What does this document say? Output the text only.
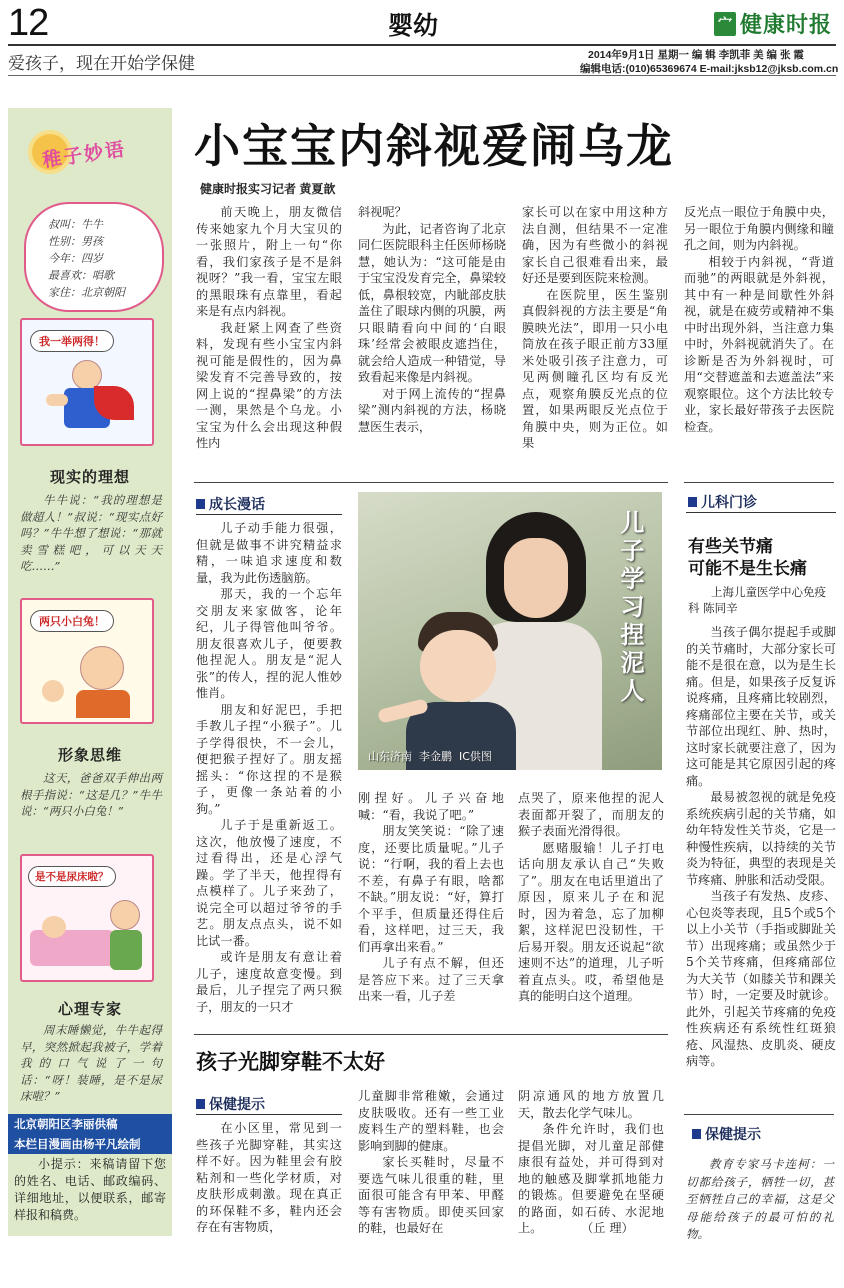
12	婴幼	宀 健康时报
爱孩子，现在开始学保健	2014年9月1日 星期一 编 辑 李凯菲 美 编 张 霞
编辑电话:(010)65369674 E-mail:jksb12@jksb.com.cn
稚子妙语
叔叫：牛牛
性别：男孩
今年：四岁
最喜欢：唱歌
家住：北京朝阳
我一举两得！
现实的理想
牛牛说：“我的理想是做超人！”叔说：“现实点好吗？”牛牛想了想说：“那就卖雪糕吧，可以天天吃……”
两只小白兔！
形象思维
这天，爸爸双手伸出两根手指说：“这是几？”牛牛说：“两只小白兔！”
是不是尿床啦？
心理专家
周末睡懒觉，牛牛起得早，突然掀起我被子，学着我的口气说了一句话：“呀！装睡，是不是尿床啦？”
北京朝阳区李丽供稿
本栏目漫画由杨平凡绘制
小提示：来稿请留下您的姓名、电话、邮政编码、详细地址，以便联系，邮寄样报和稿费。
小宝宝内斜视爱闹乌龙
健康时报实习记者 黄夏歆

前天晚上，朋友微信传来她家九个月大宝贝的一张照片，附上一句“你看，我们家孩子是不是斜视呀？”我一看，宝宝左眼的黑眼珠有点靠里，看起来是有点内斜视。

我赶紧上网查了些资料，发现有些小宝宝内斜视可能是假性的，因为鼻梁发育不完善导致的，按网上说的“捏鼻梁”的方法一测，果然是个乌龙。小宝宝为什么会出现这种假性内

斜视呢？

为此，记者咨询了北京同仁医院眼科主任医师杨晓慧，她认为：“这可能是由于宝宝没发育完全，鼻梁较低，鼻根较宽，内眦部皮肤盖住了眼球内侧的巩膜，两只眼睛看向中间的‘白眼珠’经常会被眼皮遮挡住，就会给人造成一种错觉，导致看起来像是内斜视。

对于网上流传的“捏鼻梁”测内斜视的方法，杨晓慧医生表示，

家长可以在家中用这种方法自测，但结果不一定准确，因为有些微小的斜视家长自己很难看出来，最好还是要到医院来检测。

在医院里，医生鉴别真假斜视的方法主要是“角膜映光法”，即用一只小电筒放在孩子眼正前方33厘米处吸引孩子注意力，可见两侧瞳孔区均有反光点，观察角膜反光点的位置，如果两眼反光点位于角膜中央，则为正位。如果

反光点一眼位于角膜中央，另一眼位于角膜内侧缘和瞳孔之间，则为内斜视。

相较于内斜视，“背道而驰”的两眼就是外斜视，其中有一种是间歇性外斜视，就是在疲劳或精神不集中时出现外斜，当注意力集中时，外斜视就消失了。在诊断是否为外斜视时，可用“交替遮盖和去遮盖法”来观察眼位。这个方法比较专业，家长最好带孩子去医院检查。

成长漫话

儿子动手能力很强，但就是做事不讲究精益求精，一味追求速度和数量，我为此伤透脑筋。

那天，我的一个忘年交朋友来家做客，论年纪，儿子得管他叫爷爷。朋友很喜欢儿子，便要教他捏泥人。朋友是“泥人张”的传人，捏的泥人惟妙惟肖。

朋友和好泥巴，手把手教儿子捏“小猴子”。儿子学得很快，不一会儿，便把猴子捏好了。朋友摇摇头：“你这捏的不是猴子，更像一条站着的小狗。”

儿子于是重新返工。这次，他放慢了速度，不过看得出，还是心浮气躁。学了半天，他捏得有点模样了。儿子来劲了，说完全可以超过爷爷的手艺。朋友点点头，说不如比试一番。

或许是朋友有意让着儿子，速度故意变慢。到最后，儿子捏完了两只猴子，朋友的一只才

儿子学习捏泥人
山东济南  李金鹏  IC供图

刚捏好。儿子兴奋地喊：“看，我说了吧。”

朋友笑笑说：“除了速度，还要比质量呢。”儿子说：“行啊，我的看上去也不差，有鼻子有眼，啥都不缺。”朋友说：“好，算打个平手，但质量还得住后看，这样吧，过三天，我们再拿出来看。”

儿子有点不解，但还是答应下来。过了三天拿出来一看，儿子差

点哭了，原来他捏的泥人表面都开裂了，而朋友的猴子表面光滑得很。

愿赌服输！儿子打电话向朋友承认自己“失败了”。朋友在电话里道出了原因，原来儿子在和泥时，因为着急，忘了加柳絮，这样泥巴没韧性，干后易开裂。朋友还说起“欲速则不达”的道理，儿子听着直点头。哎，希望他是真的能明白这个道理。

孩子光脚穿鞋不太好
保健提示

在小区里，常见到一些孩子光脚穿鞋，其实这样不好。因为鞋里会有胶粘剂和一些化学材质，对皮肤形成刺激。现在真正的环保鞋不多，鞋内还会存在有害物质，

儿童脚非常稚嫩，会通过皮肤吸收。还有一些工业废料生产的塑料鞋，也会影响到脚的健康。

家长买鞋时，尽量不要选气味儿很重的鞋，里面很可能含有甲苯、甲醛等有害物质。即使买回家的鞋，也最好在

阴凉通风的地方放置几天，散去化学气味儿。

条件允许时，我们也提倡光脚，对儿童足部健康很有益处，并可得到对地的触感及脚掌抓地能力的锻炼。但要避免在坚硬的路面，如石砖、水泥地上。          （丘 理）

儿科门诊
有些关节痛
可能不是生长痛
上海儿童医学中心免疫科 陈同辛

当孩子偶尔提起手或脚的关节痛时，大部分家长可能不是很在意，以为是生长痛。但是，如果孩子反复诉说疼痛，且疼痛比较剧烈，疼痛部位主要在关节，或关节部位出现红、肿、热时，这时家长就要注意了，因为这可能是其它原因引起的疼痛。

最易被忽视的就是免疫系统疾病引起的关节痛，如幼年特发性关节炎，它是一种慢性疾病，以持续的关节炎为特征，典型的表现是关节疼痛、肿胀和活动受限。

当孩子有发热、皮疹、心包炎等表现，且5个或5个以上小关节（手指或脚趾关节）出现疼痛；或虽然少于5个关节疼痛，但疼痛部位为大关节（如膝关节和踝关节）时，一定要及时就诊。此外，引起关节疼痛的免疫性疾病还有系统性红斑狼疮、风湿热、皮肌炎、硬皮病等。

保健提示
教育专家马卡连柯：一切都给孩子，牺牲一切，甚至牺牲自己的幸福，这是父母能给孩子的最可怕的礼物。
